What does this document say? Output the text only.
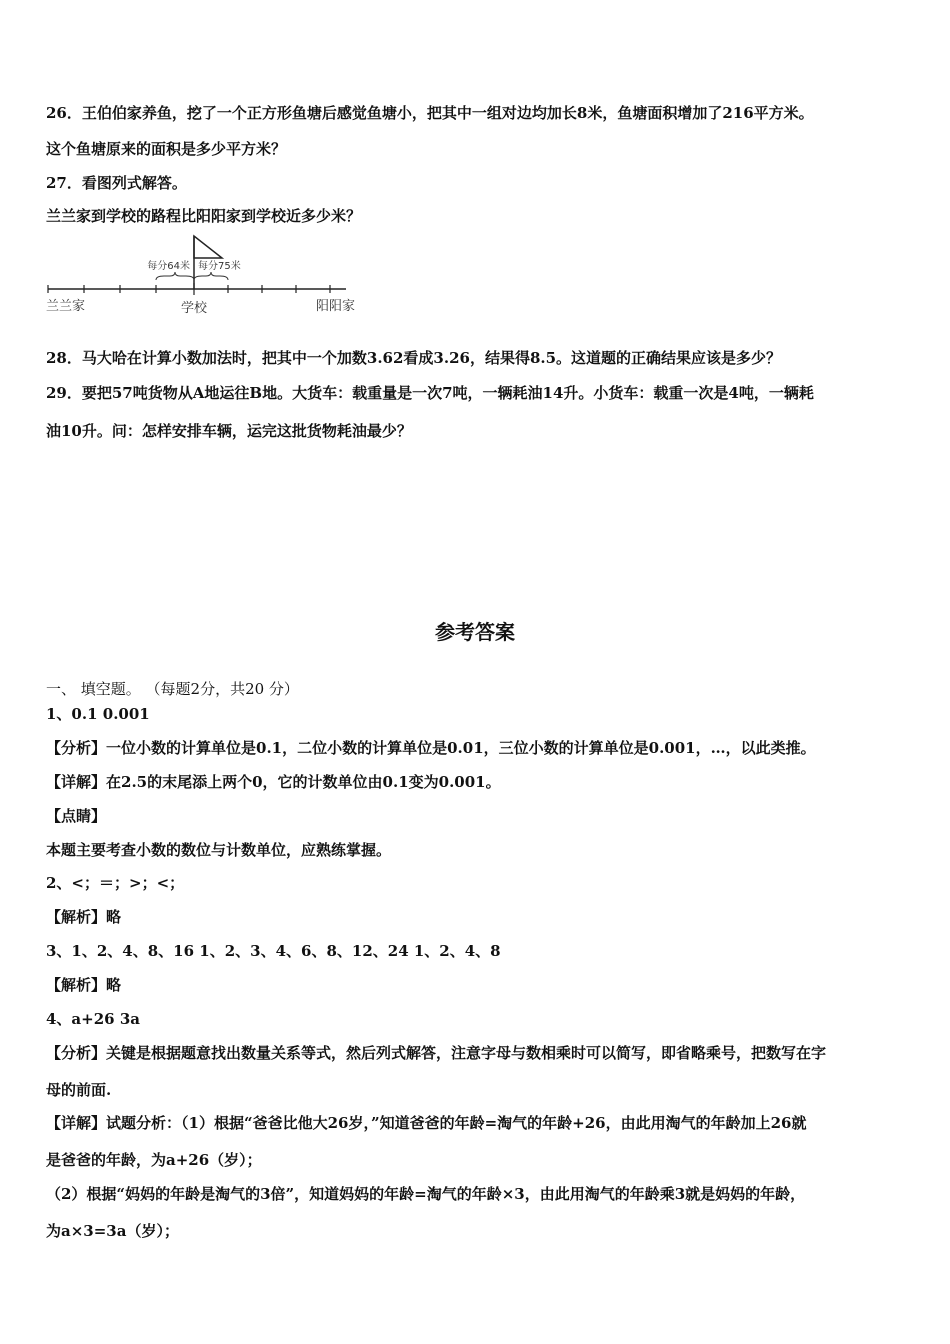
26．王伯伯家养鱼，挖了一个正方形鱼塘后感觉鱼塘小，把其中一组对边均加长8米，鱼塘面积增加了216平方米。
这个鱼塘原来的面积是多少平方米？
27．看图列式解答。
兰兰家到学校的路程比阳阳家到学校近多少米？
每分64米 每分75米
兰兰家	学校	阳阳家
28．马大哈在计算小数加法时，把其中一个加数3.62看成3.26，结果得8.5。这道题的正确结果应该是多少？
29．要把57吨货物从A地运往B地。大货车：载重量是一次7吨，一辆耗油14升。小货车：载重一次是4吨，一辆耗
油10升。问：怎样安排车辆，运完这批货物耗油最少？
参考答案
一、 填空题。 （每题2分，共20 分）
1、0.1 0.001
【分析】一位小数的计算单位是0.1，二位小数的计算单位是0.01，三位小数的计算单位是0.001，…，以此类推。
【详解】在2.5的末尾添上两个0，它的计数单位由0.1变为0.001。
【点睛】
本题主要考查小数的数位与计数单位，应熟练掌握。
2、<；＝；>；<；
【解析】略
3、1、2、4、8、16 1、2、3、4、6、8、12、24 1、2、4、8
【解析】略
4、a+26 3a
【分析】关键是根据题意找出数量关系等式，然后列式解答，注意字母与数相乘时可以简写，即省略乘号，把数写在字
母的前面.
【详解】试题分析：（1）根据“爸爸比他大26岁，”知道爸爸的年龄=淘气的年龄+26，由此用淘气的年龄加上26就
是爸爸的年龄，为a+26（岁）；
（2）根据“妈妈的年龄是淘气的3倍”，知道妈妈的年龄=淘气的年龄×3，由此用淘气的年龄乘3就是妈妈的年龄，
为a×3=3a（岁）；
